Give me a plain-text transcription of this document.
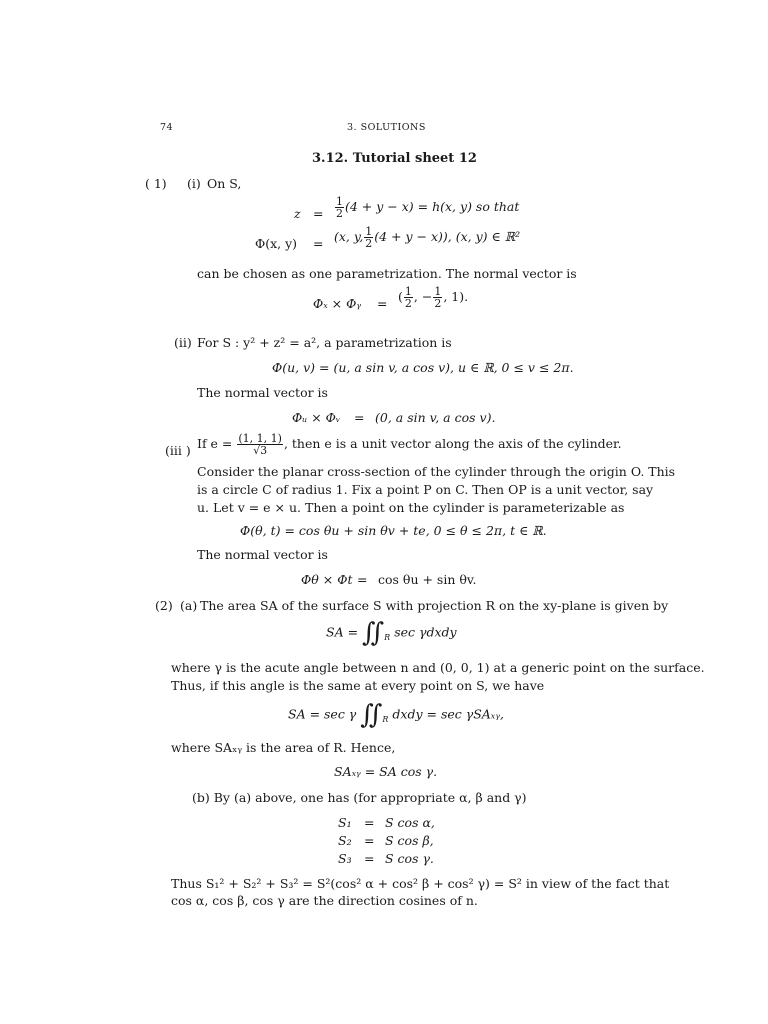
74	3. SOLUTIONS
3.12. Tutorial sheet 12
( 1) (i) On S,
$z = \frac{1}{2} (4 + y - x) = h(x$, y) so that
Φ(x, y) = (x, y, $\frac{1}{2} (4 + y - x)$), (x, y) ∈ ℝ²
can be chosen as one parametrization. The normal vector is
Φₓ × Φᵧ = ( $\frac{1}{2}$ , − $\frac{1}{2}$ , 1).
(ii) For S : y² + z² = a², a parametrization is
Φ(u, v) = (u, a sin v, a cos v), u ∈ ℝ, 0 ≤ v ≤ 2π.
The normal vector is
Φᵤ × Φᵥ = (0, a sin v, a cos v).
(iii ) If $e = \frac{(1, 1, 1)}{√3}$ , then e is a unit vector along the axis of the cylinder.
Consider the planar cross-section of the cylinder through the origin O. This
is a circle C of radius 1. Fix a point P on C. Then OP is a unit vector, say
u. Let v = e × u. Then a point on the cylinder is parameterizable as
Φ(θ, t) = cos θu + sin θv + te, 0 ≤ θ ≤ 2π, t ∈ ℝ.
The normal vector is
Φθ × Φt = cos θu + sin θv.
(2) (a) The area SA of the surface S with projection R on the xy-plane is given by
SA = $∬_R$ sec γdxdy
where γ is the acute angle between n and (0, 0, 1) at a generic point on the surface.
Thus, if this angle is the same at every point on S, we have
SA = sec γ $∬_R$ dxdy = sec γSAₓᵧ,
where SAₓᵧ is the area of R. Hence,
SAₓᵧ = SA cos γ.
(b) By (a) above, one has (for appropriate α, β and γ)
S₁ = S cos α,
S₂ = S cos β,
S₃ = S cos γ.
Thus S₁² + S₂² + S₃² = S²(cos² α + cos² β + cos² γ) = S² in view of the fact that
cos α, cos β, cos γ are the direction cosines of n.
